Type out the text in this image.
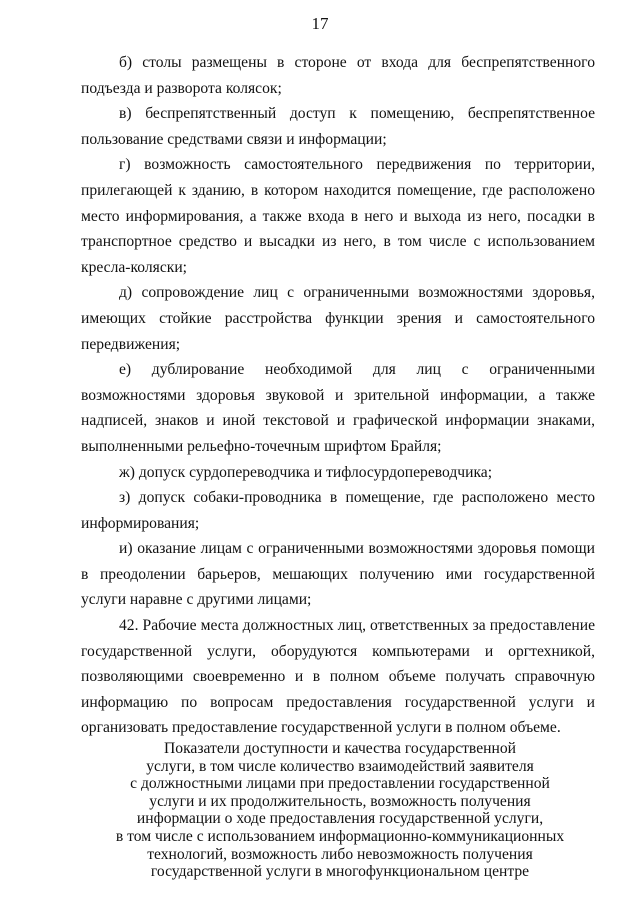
17

б) столы размещены в стороне от входа для беспрепятственного подъезда и разворота колясок;

в) беспрепятственный доступ к помещению, беспрепятственное пользование средствами связи и информации;

г) возможность самостоятельного передвижения по территории, прилегающей к зданию, в котором находится помещение, где расположено место информирования, а также входа в него и выхода из него, посадки в транспортное средство и высадки из него, в том числе с использованием кресла-коляски;

д) сопровождение лиц с ограниченными возможностями здоровья, имеющих стойкие расстройства функции зрения и самостоятельного передвижения;

е) дублирование необходимой для лиц с ограниченными возможностями здоровья звуковой и зрительной информации, а также надписей, знаков и иной текстовой и графической информации знаками, выполненными рельефно-точечным шрифтом Брайля;

ж) допуск сурдопереводчика и тифлосурдопереводчика;

з) допуск собаки-проводника в помещение, где расположено место информирования;

и) оказание лицам с ограниченными возможностями здоровья помощи в преодолении барьеров, мешающих получению ими государственной услуги наравне с другими лицами;

42. Рабочие места должностных лиц, ответственных за предоставление государственной услуги, оборудуются компьютерами и оргтехникой, позволяющими своевременно и в полном объеме получать справочную информацию по вопросам предоставления государственной услуги и организовать предоставление государственной услуги в полном объеме.

Показатели доступности и качества государственной
услуги, в том числе количество взаимодействий заявителя
с должностными лицами при предоставлении государственной
услуги и их продолжительность, возможность получения
информации о ходе предоставления государственной услуги,
в том числе с использованием информационно-коммуникационных
технологий, возможность либо невозможность получения
государственной услуги в многофункциональном центре
